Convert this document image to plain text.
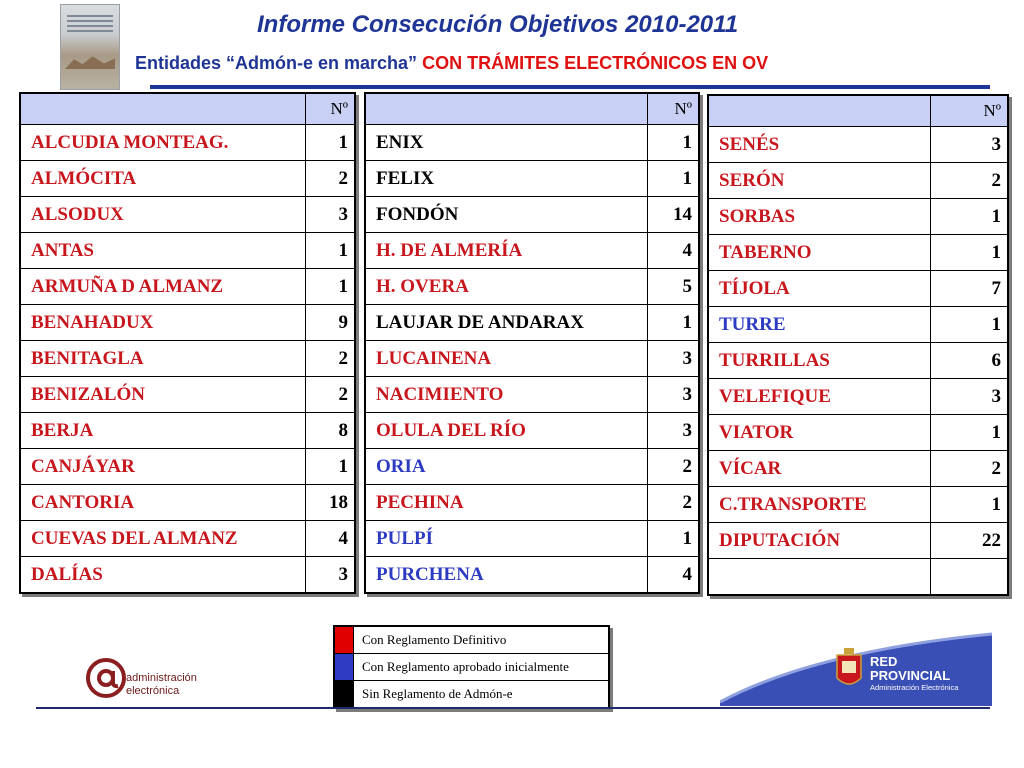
Informe Consecución Objetivos 2010-2011
Entidades “Admón-e en marcha” CON TRÁMITES ELECTRÓNICOS EN OV
	Nº
ALCUDIA MONTEAG.	1
ALMÓCITA	2
ALSODUX	3
ANTAS	1
ARMUÑA D ALMANZ	1
BENAHADUX	9
BENITAGLA	2
BENIZALÓN	2
BERJA	8
CANJÁYAR	1
CANTORIA	18
CUEVAS DEL ALMANZ	4
DALÍAS	3
	Nº
ENIX	1
FELIX	1
FONDÓN	14
H. DE ALMERÍA	4
H. OVERA	5
LAUJAR DE ANDARAX	1
LUCAINENA	3
NACIMIENTO	3
OLULA DEL RÍO	3
ORIA	2
PECHINA	2
PULPÍ	1
PURCHENA	4
	Nº
SENÉS	3
SERÓN	2
SORBAS	1
TABERNO	1
TÍJOLA	7
TURRE	1
TURRILLAS	6
VELEFIQUE	3
VIATOR	1
VÍCAR	2
C.TRANSPORTE	1
DIPUTACIÓN	22

	Con Reglamento Definitivo
	Con Reglamento aprobado inicialmente
	Sin Reglamento de Admón-e
administración
electrónica
RED
PROVINCIAL
Administración Electrónica
